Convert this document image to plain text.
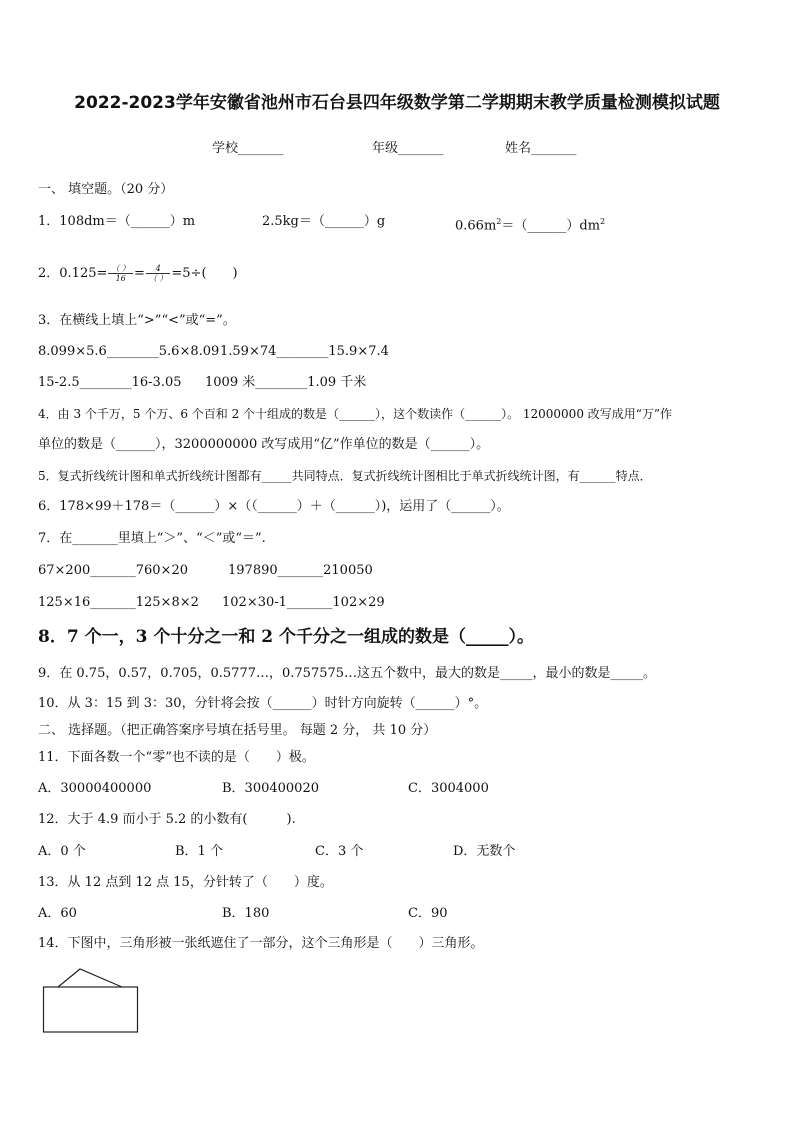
2022-2023学年安徽省池州市石台县四年级数学第二学期期末教学质量检测模拟试题
学校_______	年级_______	姓名_______
一、 填空题。（20 分）
1．108dm＝（______）m	2.5kg＝（______）g	$0.66m^2=(\_\_\_\_\_\_)dm^2$
2．$0.125= \frac{( )}{16} = \frac{4}{( )} =5\div$(　　)
3．在横线上填上“>”“<”或“=”。
8.099×5.6________5.6×8.09 1.59×74________15.9×7.4
15-2.5________16-3.05 1009 米________1.09 千米
4．由 3 个千万，5 个万、6 个百和 2 个十组成的数是（______），这个数读作（______）。 12000000 改写成用“万”作
单位的数是（______），3200000000 改写成用“亿”作单位的数是（______）。
5．复式折线统计图和单式折线统计图都有_____共同特点．复式折线统计图相比于单式折线统计图，有______特点．
6．178×99＋178＝（______）×（（______）＋（______）)，运用了（______）。
7．在_______里填上“＞”、“＜”或“＝”.
67×200_______760×20	197890_______210050
125×16_______125×8×2 102×30-1_______102×29
8．7 个一，3 个十分之一和 2 个千分之一组成的数是（_____）。
9．在 0.75，0.57，0.705，0.5777…，0.757575…这五个数中，最大的数是_____，最小的数是_____。
10．从 3：15 到 3：30，分针将会按（______）时针方向旋转（______）°。
二、 选择题。（把正确答案序号填在括号里。 每题 2 分， 共 10 分）
11．下面各数一个“零”也不读的是（　　）极。
A．30000400000	B．300400020	C．3004000
12．大于 4.9 而小于 5.2 的小数有(　　　).
A．0 个	B．1 个	C．3 个	D．无数个
13．从 12 点到 12 点 15，分针转了（　　）度。
A．60	B．180	C．90
14．下图中，三角形被一张纸遮住了一部分，这个三角形是（　　）三角形。
